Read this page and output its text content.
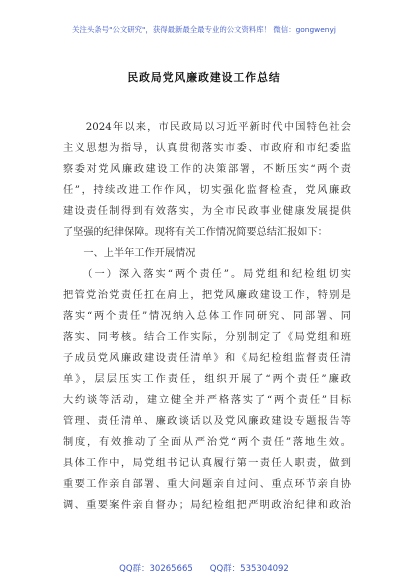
关注头条号"公文研究"，获得最新最全最专业的公文资料库！ 微信：gongwenyj
民政局党风廉政建设工作总结
　　2024年以来，市民政局以习近平新时代中国特色社会
主义思想为指导，认真贯彻落实市委、市政府和市纪委监
察委对党风廉政建设工作的决策部署，不断压实“两个责
任”，持续改进工作作风，切实强化监督检查，党风廉政
建设责任制得到有效落实，为全市民政事业健康发展提供
了坚强的纪律保障。现将有关工作情况简要总结汇报如下：
　　一、上半年工作开展情况
　　（一）深入落实“两个责任”。局党组和纪检组切实
把管党治党责任扛在肩上，把党风廉政建设工作，特别是
落实“两个责任”情况纳入总体工作同研究、同部署、同
落实、同考核。结合工作实际，分别制定了《局党组和班
子成员党风廉政建设责任清单》和《局纪检组监督责任清
单》，层层压实工作责任，组织开展了“两个责任”廉政
大约谈等活动，建立健全并严格落实了“两个责任”目标
管理、责任清单、廉政谈话以及党风廉政建设专题报告等
制度，有效推动了全面从严治党“两个责任”落地生效。
具体工作中，局党组书记认真履行第一责任人职责，做到
重要工作亲自部署、重大问题亲自过问、重点环节亲自协
调、重要案件亲自督办；局纪检组把严明政治纪律和政治
QQ群：30265665　　QQ群：535304092
